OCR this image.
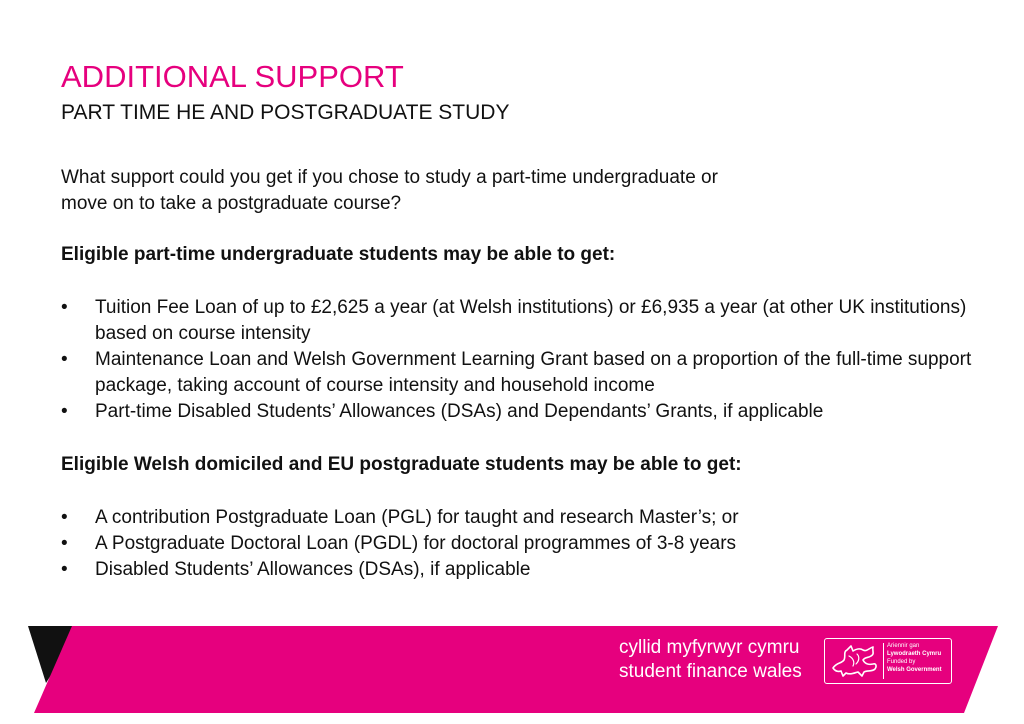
ADDITIONAL SUPPORT
PART TIME HE AND POSTGRADUATE STUDY

What support could you get if you chose to study a part-time undergraduate or
move on to take a postgraduate course?

Eligible part-time undergraduate students may be able to get:
•	Tuition Fee Loan of up to £2,625 a year (at Welsh institutions) or £6,935 a year (at other UK institutions) based on course intensity
•	Maintenance Loan and Welsh Government Learning Grant based on a proportion of the full-time support package, taking account of course intensity and household income
•	Part-time Disabled Students’ Allowances (DSAs) and Dependants’ Grants, if applicable
Eligible Welsh domiciled and EU postgraduate students may be able to get:
•	A contribution Postgraduate Loan (PGL) for taught and research Master’s; or
•	A Postgraduate Doctoral Loan (PGDL) for doctoral programmes of 3-8 years
•	Disabled Students’ Allowances (DSAs), if applicable
cyllid myfyrwyr cymru
student finance wales
Ariennir gan
Lywodraeth Cymru
Funded by
Welsh Government
